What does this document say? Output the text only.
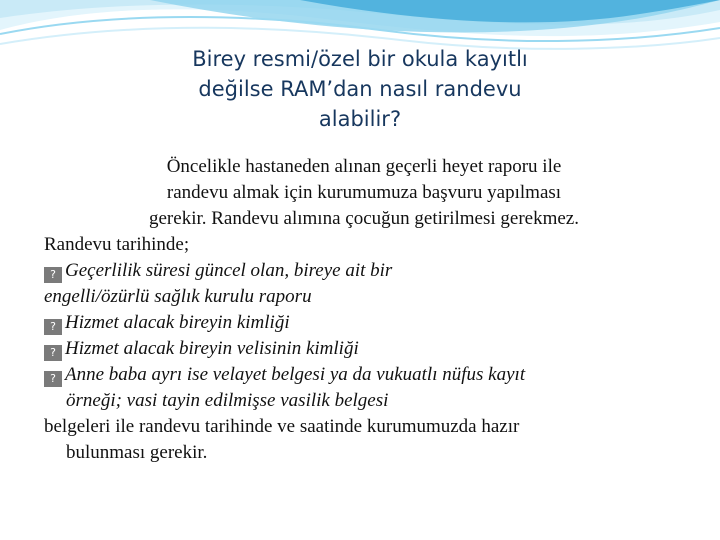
Birey resmi/özel bir okula kayıtlı
değilse RAM’dan nasıl randevu
alabilir?
Öncelikle hastaneden alınan geçerli heyet raporu ile
randevu almak için kurumumuza başvuru yapılması
gerekir. Randevu alımına çocuğun getirilmesi gerekmez.
Randevu tarihinde;
? Geçerlilik süresi güncel olan, bireye ait bir
engelli/özürlü sağlık kurulu raporu
? Hizmet alacak bireyin kimliği
? Hizmet alacak bireyin velisinin kimliği
? Anne baba ayrı ise velayet belgesi ya da vukuatlı nüfus kayıt
örneği; vasi tayin edilmişse vasilik belgesi
belgeleri ile randevu tarihinde ve saatinde kurumumuzda hazır
bulunması gerekir.
